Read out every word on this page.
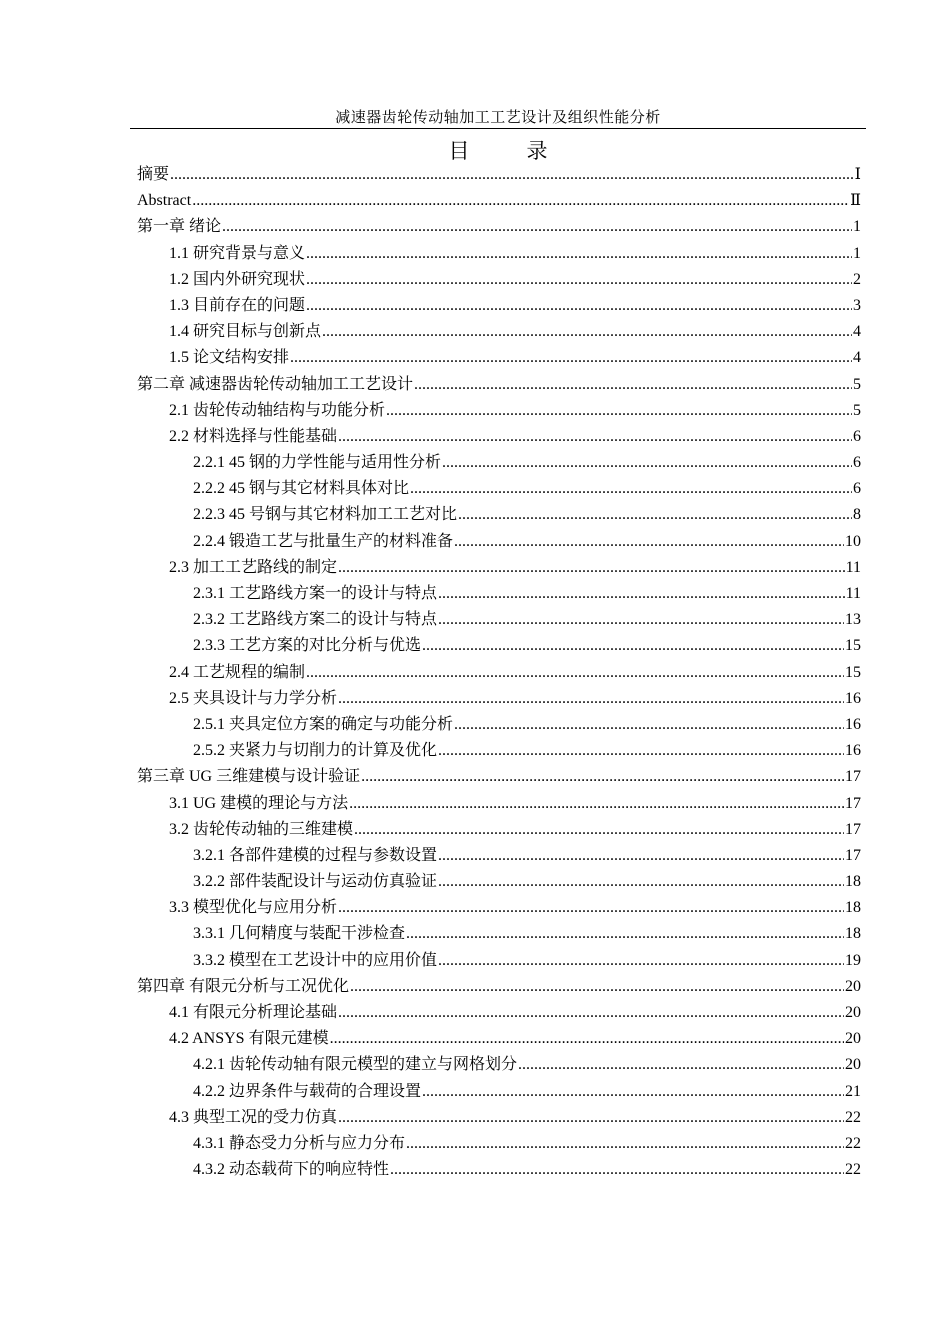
减速器齿轮传动轴加工工艺设计及组织性能分析
目　录
摘要 .....	Ⅰ
Abstract .....	Ⅱ
第一章 绪论 .....	1
1.1 研究背景与意义 .....	1
1.2 国内外研究现状 .....	2
1.3 目前存在的问题 .....	3
1.4 研究目标与创新点 .....	4
1.5 论文结构安排 .....	4
第二章 减速器齿轮传动轴加工工艺设计 .....	5
2.1 齿轮传动轴结构与功能分析 .....	5
2.2 材料选择与性能基础 .....	6
2.2.1 45 钢的力学性能与适用性分析 .....	6
2.2.2 45 钢与其它材料具体对比 .....	6
2.2.3 45 号钢与其它材料加工工艺对比 .....	8
2.2.4 锻造工艺与批量生产的材料准备 .....	10
2.3 加工工艺路线的制定 .....	11
2.3.1 工艺路线方案一的设计与特点 .....	11
2.3.2 工艺路线方案二的设计与特点 .....	13
2.3.3 工艺方案的对比分析与优选 .....	15
2.4 工艺规程的编制 .....	15
2.5 夹具设计与力学分析 .....	16
2.5.1 夹具定位方案的确定与功能分析 .....	16
2.5.2 夹紧力与切削力的计算及优化 .....	16
第三章 UG 三维建模与设计验证 .....	17
3.1 UG 建模的理论与方法 .....	17
3.2 齿轮传动轴的三维建模 .....	17
3.2.1 各部件建模的过程与参数设置 .....	17
3.2.2 部件装配设计与运动仿真验证 .....	18
3.3 模型优化与应用分析 .....	18
3.3.1 几何精度与装配干涉检查 .....	18
3.3.2 模型在工艺设计中的应用价值 .....	19
第四章 有限元分析与工况优化 .....	20
4.1 有限元分析理论基础 .....	20
4.2 ANSYS 有限元建模 .....	20
4.2.1 齿轮传动轴有限元模型的建立与网格划分 .....	20
4.2.2 边界条件与载荷的合理设置 .....	21
4.3 典型工况的受力仿真 .....	22
4.3.1 静态受力分析与应力分布 .....	22
4.3.2 动态载荷下的响应特性 .....	22
